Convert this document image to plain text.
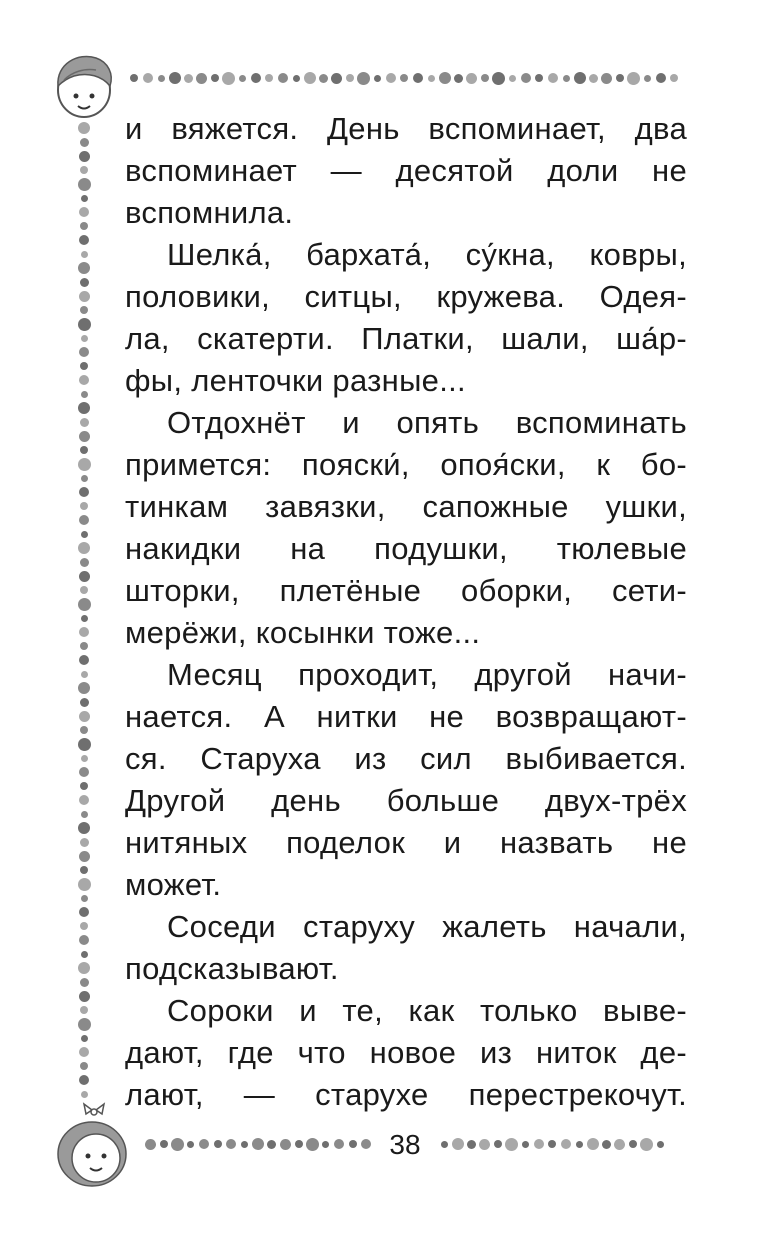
и вяжется. День вспоминает, два
вспоминает — десятой доли не
вспомнила.
Шелка́, бархата́, су́кна, ковры,
половики, ситцы, кружева. Одея-
ла, скатерти. Платки, шали, ша́р-
фы, ленточки разные...
Отдохнёт и опять вспоминать
примется: пояски́, опоя́ски, к бо-
тинкам завязки, сапожные ушки,
накидки на подушки, тюлевые
шторки, плетёные оборки, сети-
мерёжи, косынки тоже...
Месяц проходит, другой начи-
нается. А нитки не возвращают-
ся. Старуха из сил выбивается.
Другой день больше двух-трёх
нитяных поделок и назвать не
может.
Соседи старуху жалеть начали,
подсказывают.
Сороки и те, как только выве-
дают, где что новое из ниток де-
лают, — старухе перестрекочут.
38
